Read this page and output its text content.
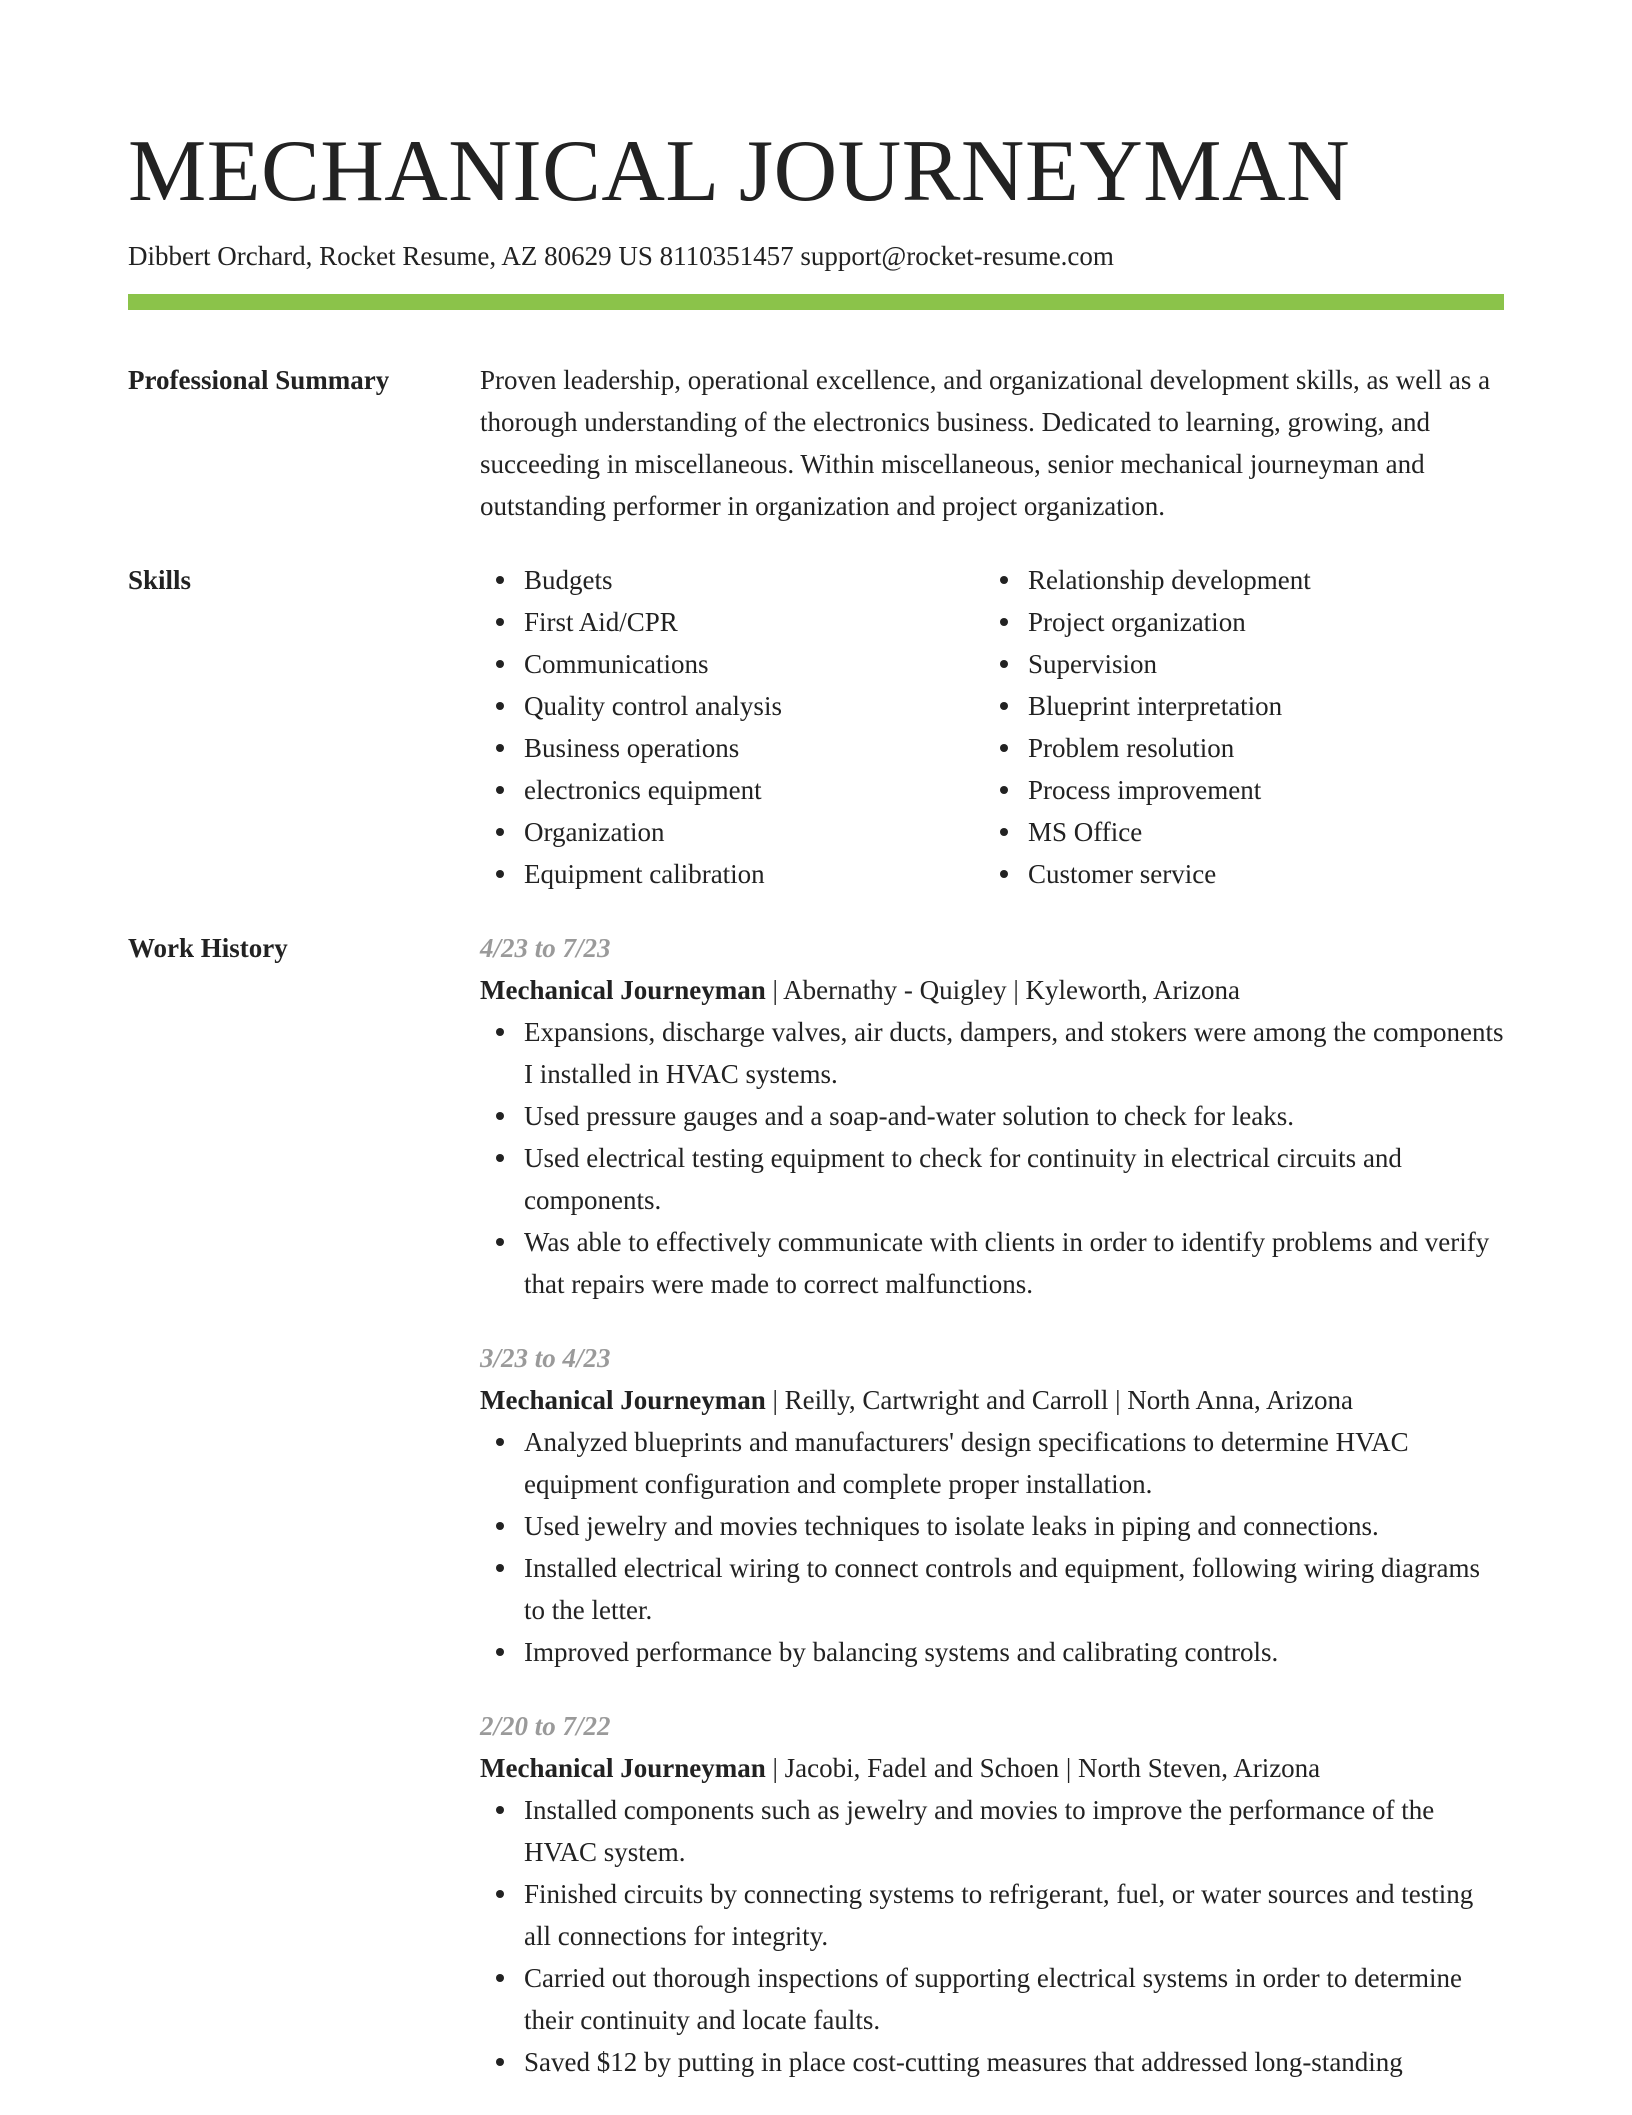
MECHANICAL JOURNEYMAN
Dibbert Orchard, Rocket Resume, AZ 80629 US 8110351457 support@rocket-resume.com
Professional Summary	Proven leadership, operational excellence, and organizational development skills, as well as a thorough understanding of the electronics business. Dedicated to learning, growing, and succeeding in miscellaneous. Within miscellaneous, senior mechanical journeyman and outstanding performer in organization and project organization.
Skills	Budgets
First Aid/CPR
Communications
Quality control analysis
Business operations
electronics equipment
Organization
Equipment calibration
Relationship development
Project organization
Supervision
Blueprint interpretation
Problem resolution
Process improvement
MS Office
Customer service
Work History	4/23 to 7/23
Mechanical Journeyman | Abernathy - Quigley | Kyleworth, Arizona
Expansions, discharge valves, air ducts, dampers, and stokers were among the components I installed in HVAC systems.
Used pressure gauges and a soap-and-water solution to check for leaks.
Used electrical testing equipment to check for continuity in electrical circuits and components.
Was able to effectively communicate with clients in order to identify problems and verify that repairs were made to correct malfunctions.
3/23 to 4/23
Mechanical Journeyman | Reilly, Cartwright and Carroll | North Anna, Arizona
Analyzed blueprints and manufacturers' design specifications to determine HVAC equipment configuration and complete proper installation.
Used jewelry and movies techniques to isolate leaks in piping and connections.
Installed electrical wiring to connect controls and equipment, following wiring diagrams to the letter.
Improved performance by balancing systems and calibrating controls.
2/20 to 7/22
Mechanical Journeyman | Jacobi, Fadel and Schoen | North Steven, Arizona
Installed components such as jewelry and movies to improve the performance of the HVAC system.
Finished circuits by connecting systems to refrigerant, fuel, or water sources and testing all connections for integrity.
Carried out thorough inspections of supporting electrical systems in order to determine their continuity and locate faults.
Saved $12 by putting in place cost-cutting measures that addressed long-standing
